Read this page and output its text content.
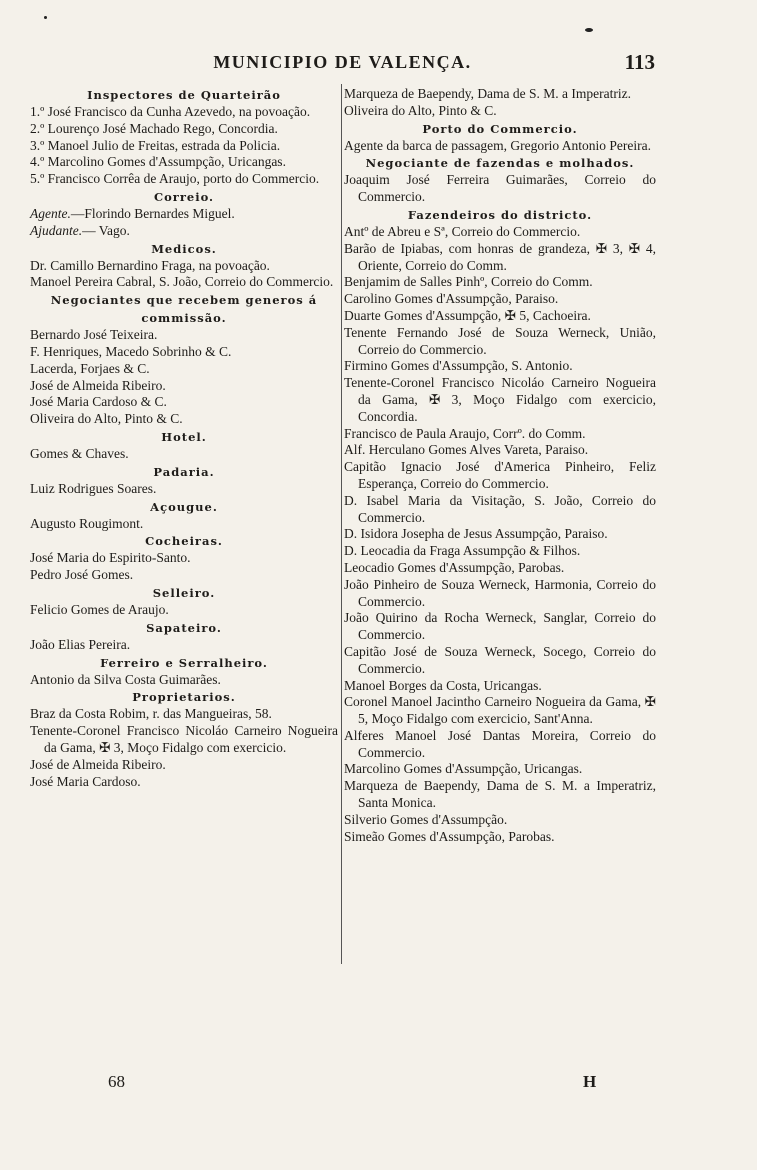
MUNICIPIO DE VALENÇA.	113
Inspectores de Quarteirão
1.º José Francisco da Cunha Azevedo, na povoação.
2.º Lourenço José Machado Rego, Concordia.
3.º Manoel Julio de Freitas, estrada da Policia.
4.º Marcolino Gomes d'Assumpção, Uricangas.
5.º Francisco Corrêa de Araujo, porto do Commercio.
Correio.
Agente.—Florindo Bernardes Miguel.
Ajudante.— Vago.
Medicos.
Dr. Camillo Bernardino Fraga, na povoação.
Manoel Pereira Cabral, S. João, Correio do Commercio.
Negociantes que recebem generos á commissão.
Bernardo José Teixeira.
F. Henriques, Macedo Sobrinho & C.
Lacerda, Forjaes & C.
José de Almeida Ribeiro.
José Maria Cardoso & C.
Oliveira do Alto, Pinto & C.
Hotel.
Gomes & Chaves.
Padaria.
Luiz Rodrigues Soares.
Açougue.
Augusto Rougimont.
Cocheiras.
José Maria do Espirito-Santo.
Pedro José Gomes.
Selleiro.
Felicio Gomes de Araujo.
Sapateiro.
João Elias Pereira.
Ferreiro e Serralheiro.
Antonio da Silva Costa Guimarães.
Proprietarios.
Braz da Costa Robim, r. das Mangueiras, 58.
Tenente-Coronel Francisco Nicoláo Carneiro Nogueira da Gama, ✠ 3, Moço Fidalgo com exercicio.
José de Almeida Ribeiro.
José Maria Cardoso.
Marqueza de Baependy, Dama de S. M. a Imperatriz.
Oliveira do Alto, Pinto & C.
Porto do Commercio.
Agente da barca de passagem, Gregorio Antonio Pereira.
Negociante de fazendas e molhados.
Joaquim José Ferreira Guimarães, Correio do Commercio.
Fazendeiros do districto.
Antº de Abreu e Sª, Correio do Commercio.
Barão de Ipiabas, com honras de grandeza, ✠ 3, ✠ 4, Oriente, Correio do Comm.
Benjamim de Salles Pinhº, Correio do Comm.
Carolino Gomes d'Assumpção, Paraiso.
Duarte Gomes d'Assumpção, ✠ 5, Cachoeira.
Tenente Fernando José de Souza Werneck, União, Correio do Commercio.
Firmino Gomes d'Assumpção, S. Antonio.
Tenente-Coronel Francisco Nicoláo Carneiro Nogueira da Gama, ✠ 3, Moço Fidalgo com exercicio, Concordia.
Francisco de Paula Araujo, Corrº. do Comm.
Alf. Herculano Gomes Alves Vareta, Paraiso.
Capitão Ignacio José d'America Pinheiro, Feliz Esperança, Correio do Commercio.
D. Isabel Maria da Visitação, S. João, Correio do Commercio.
D. Isidora Josepha de Jesus Assumpção, Paraiso.
D. Leocadia da Fraga Assumpção & Filhos.
Leocadio Gomes d'Assumpção, Parobas.
João Pinheiro de Souza Werneck, Harmonia, Correio do Commercio.
João Quirino da Rocha Werneck, Sanglar, Correio do Commercio.
Capitão José de Souza Werneck, Socego, Correio do Commercio.
Manoel Borges da Costa, Uricangas.
Coronel Manoel Jacintho Carneiro Nogueira da Gama, ✠ 5, Moço Fidalgo com exercicio, Sant'Anna.
Alferes Manoel José Dantas Moreira, Correio do Commercio.
Marcolino Gomes d'Assumpção, Uricangas.
Marqueza de Baependy, Dama de S. M. a Imperatriz, Santa Monica.
Silverio Gomes d'Assumpção.
Simeão Gomes d'Assumpção, Parobas.
68	H
